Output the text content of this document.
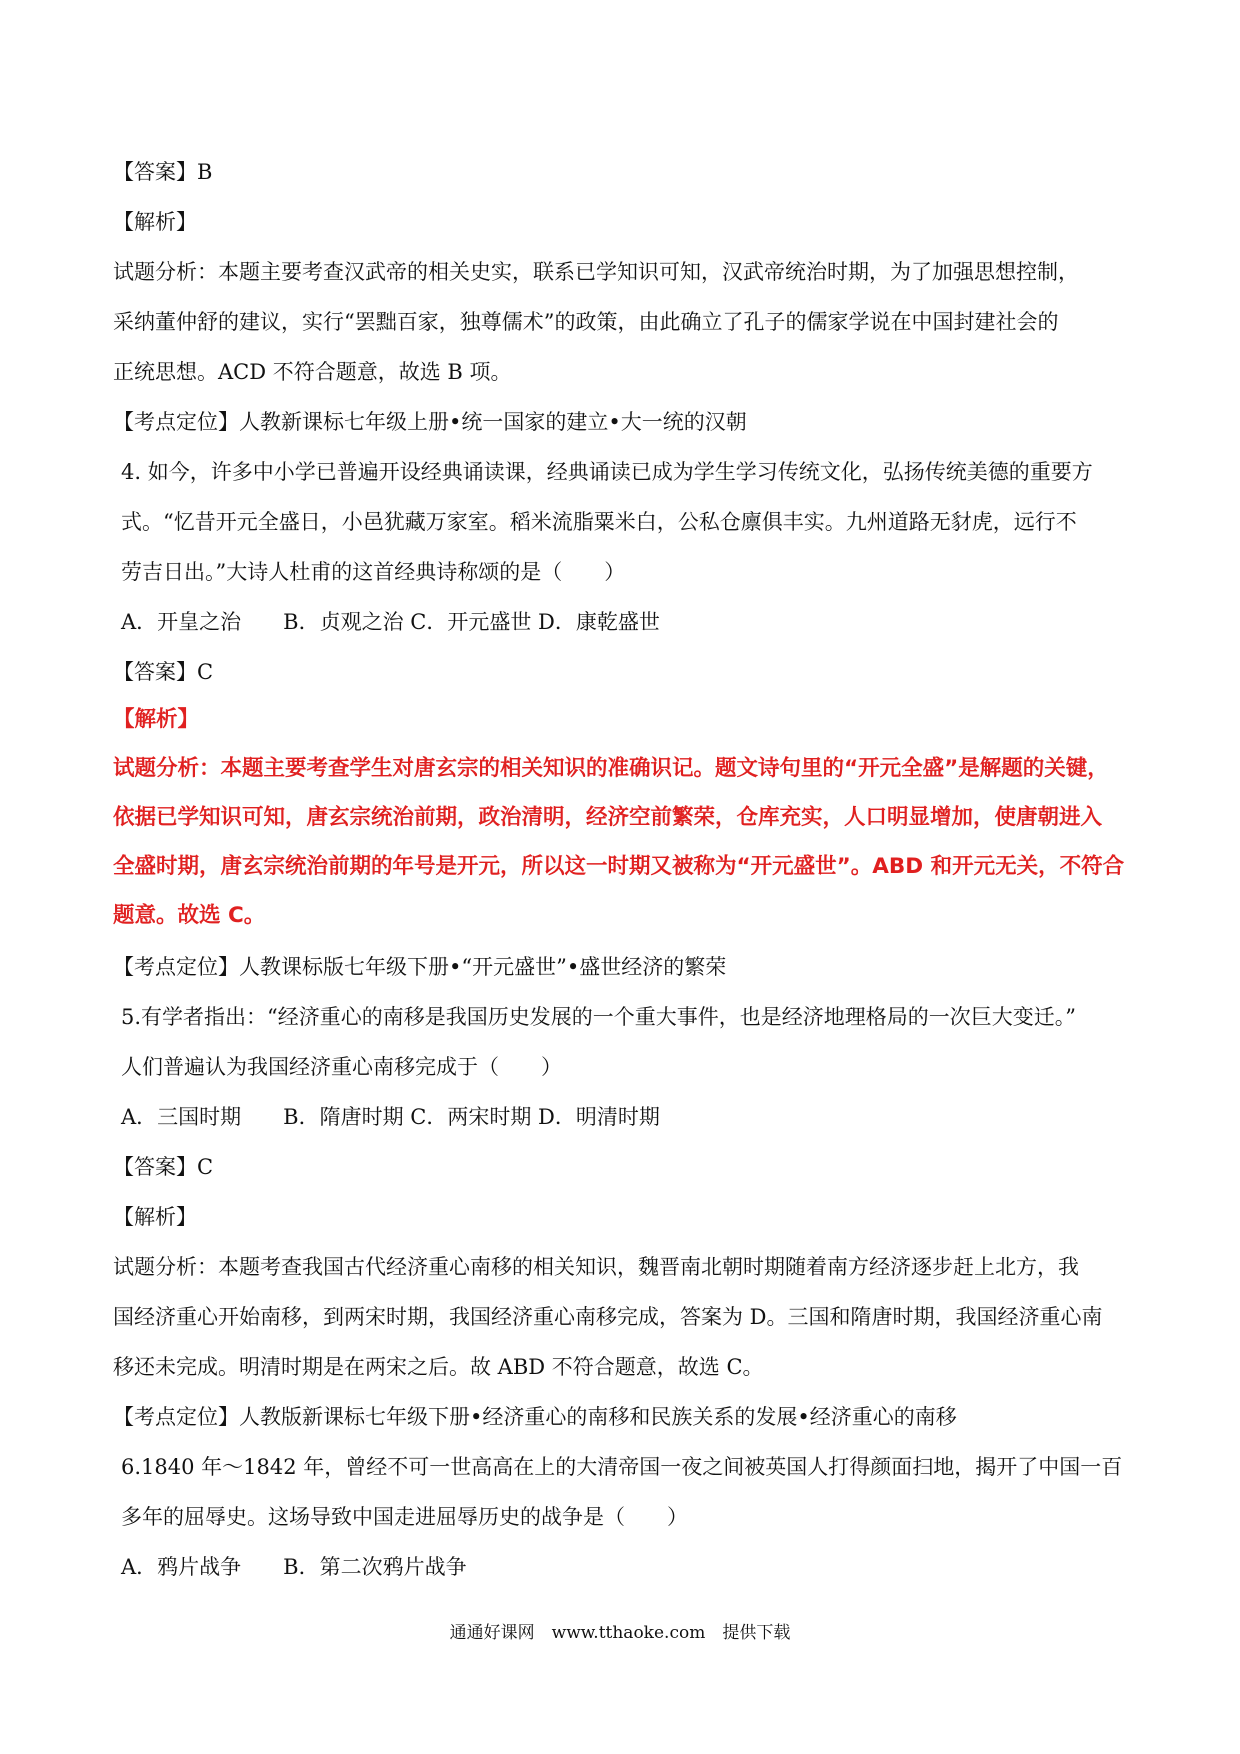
【答案】B
【解析】
试题分析：本题主要考查汉武帝的相关史实，联系已学知识可知，汉武帝统治时期，为了加强思想控制，
采纳董仲舒的建议，实行“罢黜百家，独尊儒术”的政策，由此确立了孔子的儒家学说在中国封建社会的
正统思想。ACD 不符合题意，故选 B 项。
【考点定位】人教新课标七年级上册•统一国家的建立•大一统的汉朝
4. 如今，许多中小学已普遍开设经典诵读课，经典诵读已成为学生学习传统文化，弘扬传统美德的重要方
式。“忆昔开元全盛日，小邑犹藏万家室。稻米流脂粟米白，公私仓廪俱丰实。九州道路无豺虎，远行不
劳吉日出。”大诗人杜甫的这首经典诗称颂的是（　　）
A．开皇之治　　B．贞观之治 C．开元盛世 D．康乾盛世
【答案】C
【解析】
试题分析：本题主要考查学生对唐玄宗的相关知识的准确识记。题文诗句里的“开元全盛”是解题的关键，
依据已学知识可知，唐玄宗统治前期，政治清明，经济空前繁荣，仓库充实，人口明显增加，使唐朝进入
全盛时期，唐玄宗统治前期的年号是开元，所以这一时期又被称为“开元盛世”。ABD 和开元无关，不符合
题意。故选 C。
【考点定位】人教课标版七年级下册•“开元盛世”•盛世经济的繁荣
5.有学者指出：“经济重心的南移是我国历史发展的一个重大事件，也是经济地理格局的一次巨大变迁。”
人们普遍认为我国经济重心南移完成于（　　）
A．三国时期　　B．隋唐时期 C．两宋时期 D．明清时期
【答案】C
【解析】
试题分析：本题考查我国古代经济重心南移的相关知识，魏晋南北朝时期随着南方经济逐步赶上北方，我
国经济重心开始南移，到两宋时期，我国经济重心南移完成，答案为 D。三国和隋唐时期，我国经济重心南
移还未完成。明清时期是在两宋之后。故 ABD 不符合题意，故选 C。
【考点定位】人教版新课标七年级下册•经济重心的南移和民族关系的发展•经济重心的南移
6.1840 年～1842 年，曾经不可一世高高在上的大清帝国一夜之间被英国人打得颜面扫地，揭开了中国一百
多年的屈辱史。这场导致中国走进屈辱历史的战争是（　　）
A．鸦片战争　　B．第二次鸦片战争
通通好课网　www.tthaoke.com　提供下载
